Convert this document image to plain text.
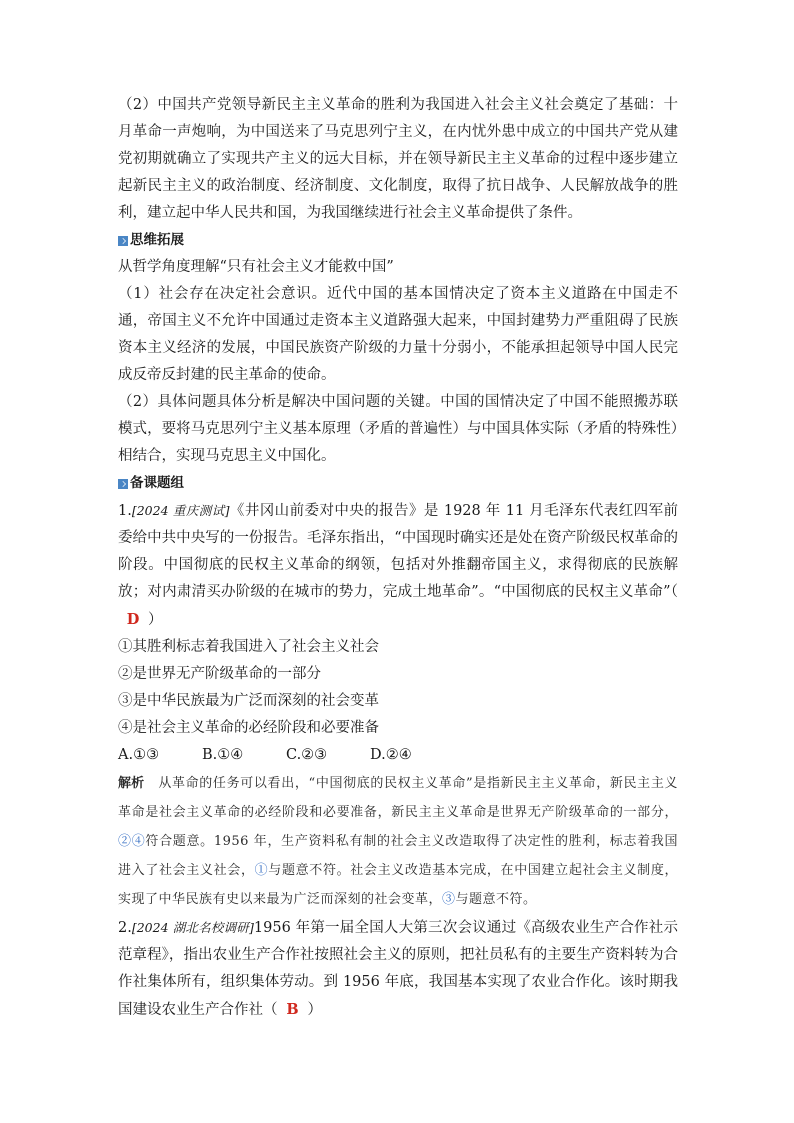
（2）中国共产党领导新民主主义革命的胜利为我国进入社会主义社会奠定了基础：十月革命一声炮响，为中国送来了马克思列宁主义，在内忧外患中成立的中国共产党从建党初期就确立了实现共产主义的远大目标，并在领导新民主主义革命的过程中逐步建立起新民主主义的政治制度、经济制度、文化制度，取得了抗日战争、人民解放战争的胜利，建立起中华人民共和国，为我国继续进行社会主义革命提供了条件。

思维拓展

从哲学角度理解“只有社会主义才能救中国”

（1）社会存在决定社会意识。近代中国的基本国情决定了资本主义道路在中国走不通，帝国主义不允许中国通过走资本主义道路强大起来，中国封建势力严重阻碍了民族资本主义经济的发展，中国民族资产阶级的力量十分弱小，不能承担起领导中国人民完成反帝反封建的民主革命的使命。

（2）具体问题具体分析是解决中国问题的关键。中国的国情决定了中国不能照搬苏联模式，要将马克思列宁主义基本原理（矛盾的普遍性）与中国具体实际（矛盾的特殊性）相结合，实现马克思主义中国化。

备课题组

1.[2024 重庆测试]《井冈山前委对中央的报告》是 1928 年 11 月毛泽东代表红四军前委给中共中央写的一份报告。毛泽东指出，“中国现时确实还是处在资产阶级民权革命的阶段。中国彻底的民权主义革命的纲领，包括对外推翻帝国主义，求得彻底的民族解放；对内肃清买办阶级的在城市的势力，完成土地革命”。“中国彻底的民权主义革命”（D ）

①其胜利标志着我国进入了社会主义社会

②是世界无产阶级革命的一部分

③是中华民族最为广泛而深刻的社会变革

④是社会主义革命的必经阶段和必要准备

A.①③	B.①④	C.②③	D.②④

解析 从革命的任务可以看出，“中国彻底的民权主义革命”是指新民主主义革命，新民主主义革命是社会主义革命的必经阶段和必要准备，新民主主义革命是世界无产阶级革命的一部分，②④符合题意。1956 年，生产资料私有制的社会主义改造取得了决定性的胜利，标志着我国进入了社会主义社会，①与题意不符。社会主义改造基本完成，在中国建立起社会主义制度，实现了中华民族有史以来最为广泛而深刻的社会变革，③与题意不符。

2.[2024 湖北名校调研]1956 年第一届全国人大第三次会议通过《高级农业生产合作社示范章程》，指出农业生产合作社按照社会主义的原则，把社员私有的主要生产资料转为合作社集体所有，组织集体劳动。到 1956 年底，我国基本实现了农业合作化。该时期我国建设农业生产合作社（ B ）
